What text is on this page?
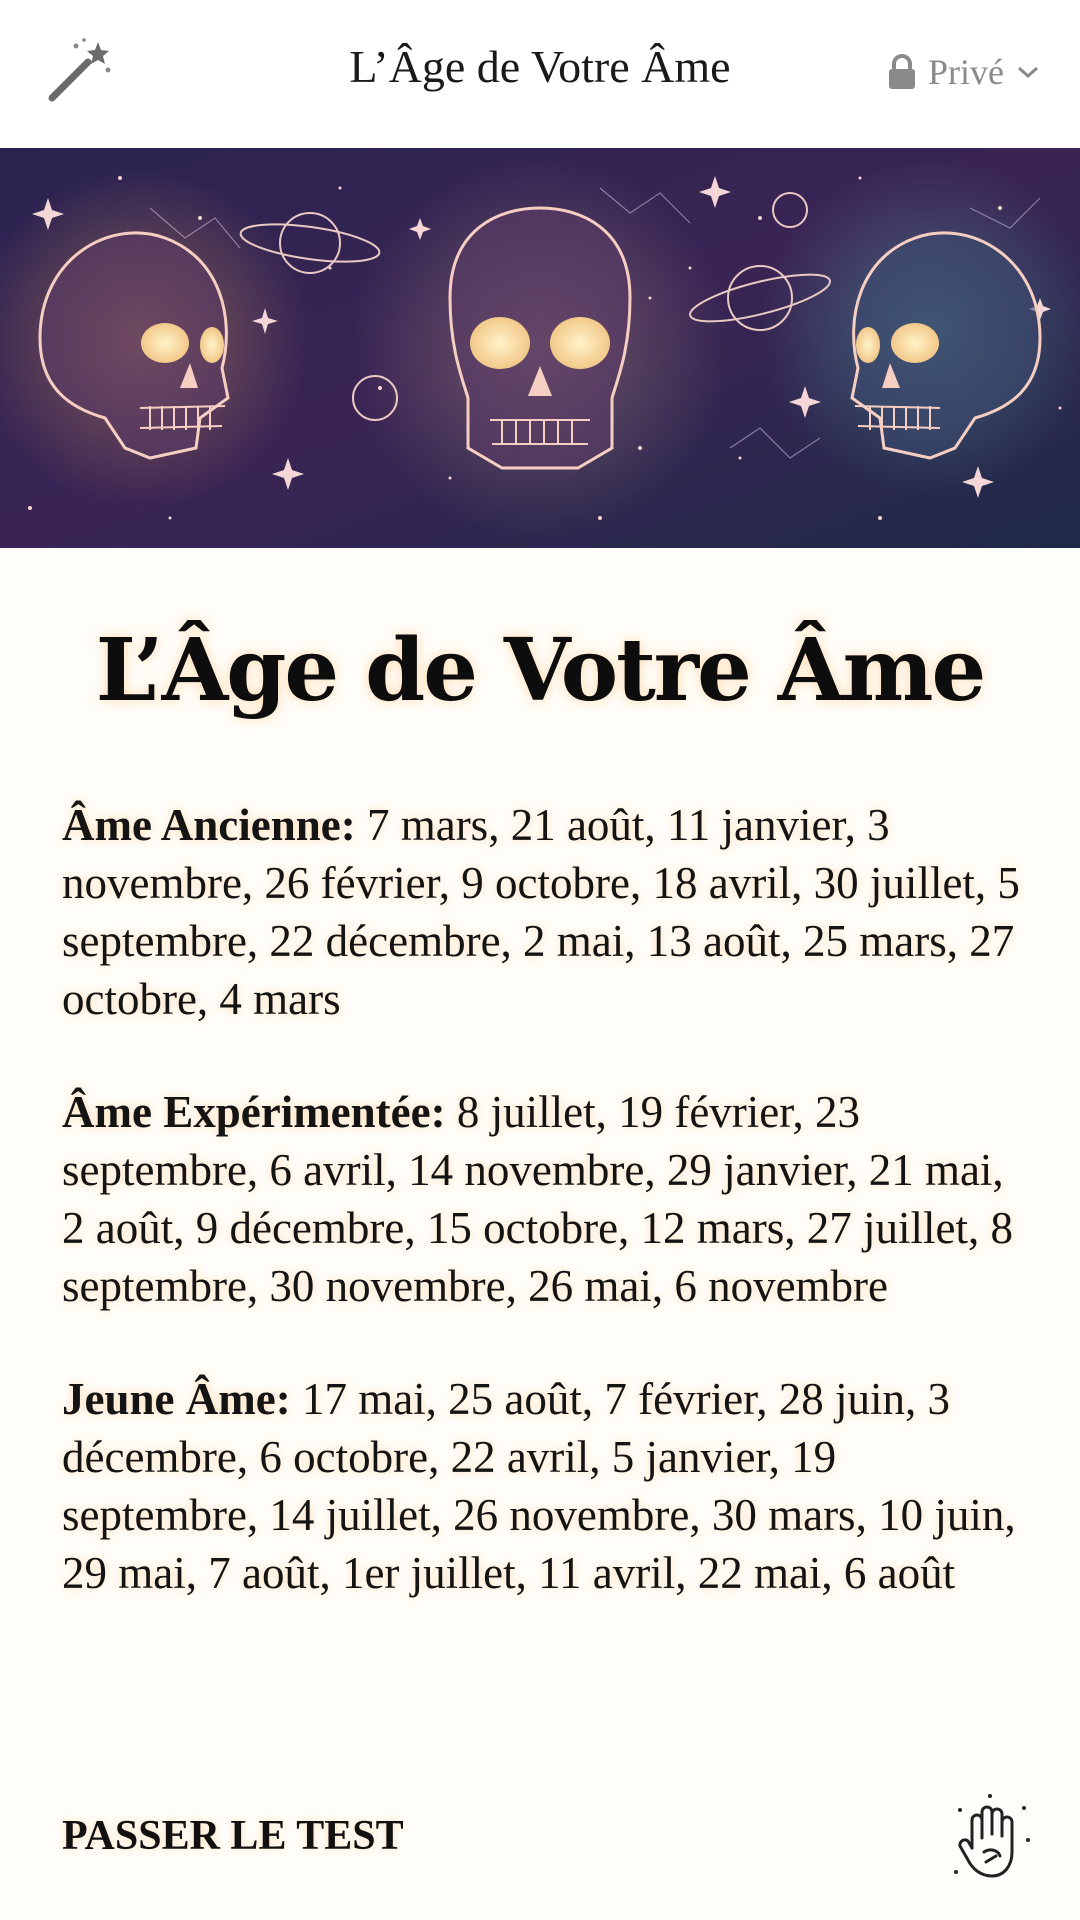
L’Âge de Votre Âme	Privé
L’Âge de Votre Âme

Âme Ancienne: 7 mars, 21 août, 11 janvier, 3 novembre, 26 février, 9 octobre, 18 avril, 30 juillet, 5 septembre, 22 décembre, 2 mai, 13 août, 25 mars, 27 octobre, 4 mars

Âme Expérimentée: 8 juillet, 19 février, 23 septembre, 6 avril, 14 novembre, 29 janvier, 21 mai, 2 août, 9 décembre, 15 octobre, 12 mars, 27 juillet, 8 septembre, 30 novembre, 26 mai, 6 novembre

Jeune Âme: 17 mai, 25 août, 7 février, 28 juin, 3 décembre, 6 octobre, 22 avril, 5 janvier, 19 septembre, 14 juillet, 26 novembre, 30 mars, 10 juin, 29 mai, 7 août, 1er juillet, 11 avril, 22 mai, 6 août

PASSER LE TEST
